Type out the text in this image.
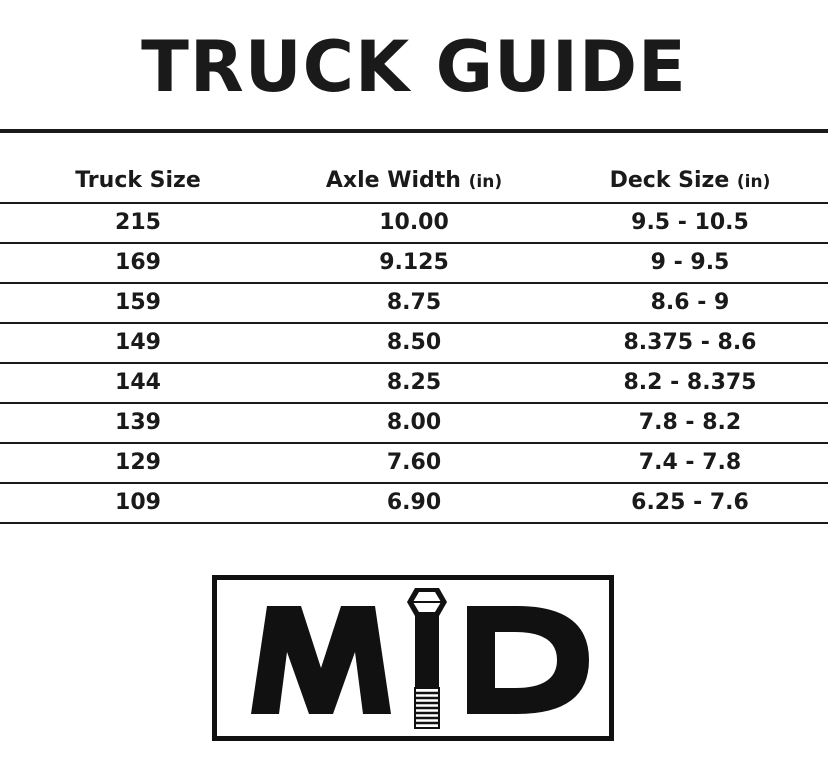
TRUCK GUIDE
Truck Size	Axle Width (in)	Deck Size (in)
215	10.00	9.5 - 10.5
169	9.125	9 - 9.5
159	8.75	8.6 - 9
149	8.50	8.375 - 8.6
144	8.25	8.2 - 8.375
139	8.00	7.8 - 8.2
129	7.60	7.4 - 7.8
109	6.90	6.25 - 7.6
